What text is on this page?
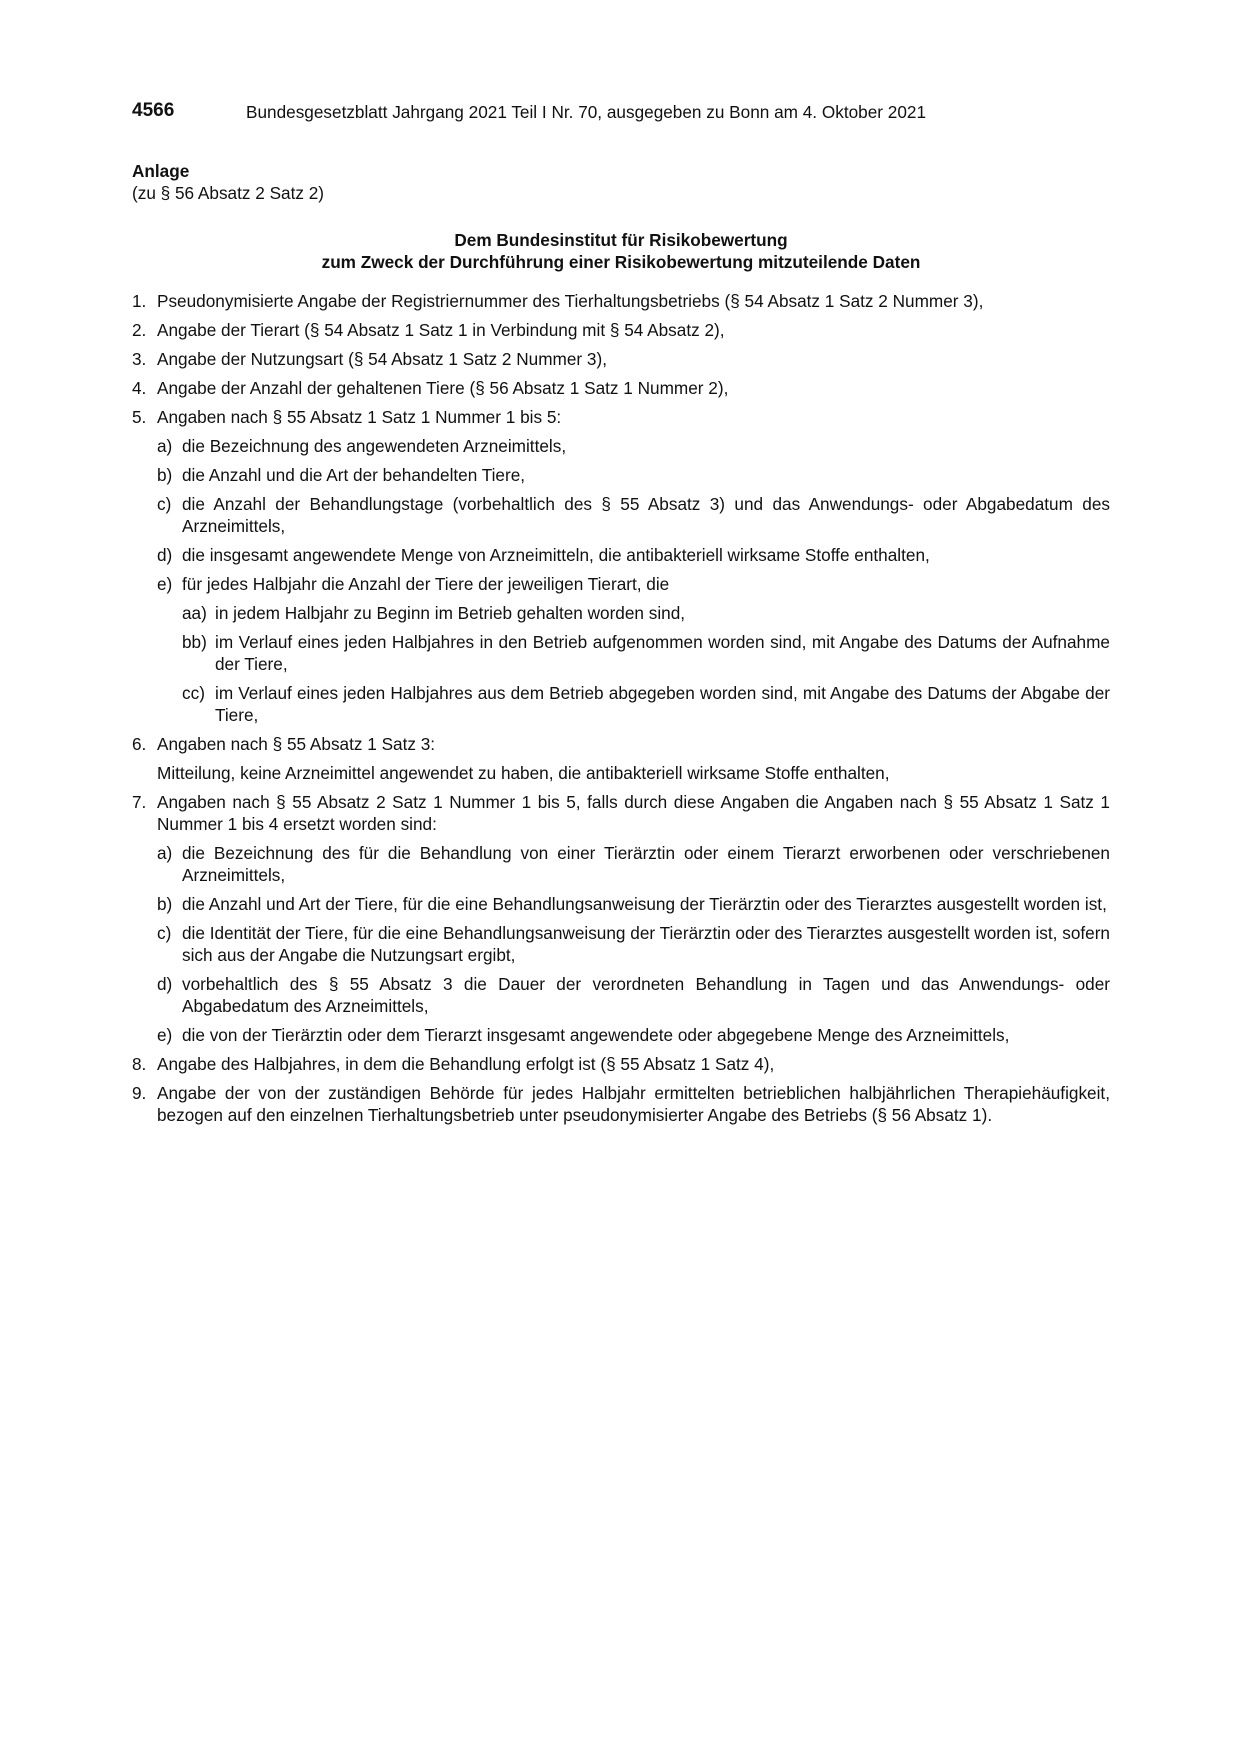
4566	Bundesgesetzblatt Jahrgang 2021 Teil I Nr. 70, ausgegeben zu Bonn am 4. Oktober 2021
Anlage
(zu § 56 Absatz 2 Satz 2)
Dem Bundesinstitut für Risikobewertung
zum Zweck der Durchführung einer Risikobewertung mitzuteilende Daten
1. Pseudonymisierte Angabe der Registriernummer des Tierhaltungsbetriebs (§ 54 Absatz 1 Satz 2 Nummer 3),
2. Angabe der Tierart (§ 54 Absatz 1 Satz 1 in Verbindung mit § 54 Absatz 2),
3. Angabe der Nutzungsart (§ 54 Absatz 1 Satz 2 Nummer 3),
4. Angabe der Anzahl der gehaltenen Tiere (§ 56 Absatz 1 Satz 1 Nummer 2),
5. Angaben nach § 55 Absatz 1 Satz 1 Nummer 1 bis 5:
a) die Bezeichnung des angewendeten Arzneimittels,
b) die Anzahl und die Art der behandelten Tiere,
c) die Anzahl der Behandlungstage (vorbehaltlich des § 55 Absatz 3) und das Anwendungs- oder Abgabedatum des Arzneimittels,
d) die insgesamt angewendete Menge von Arzneimitteln, die antibakteriell wirksame Stoffe enthalten,
e) für jedes Halbjahr die Anzahl der Tiere der jeweiligen Tierart, die
aa) in jedem Halbjahr zu Beginn im Betrieb gehalten worden sind,
bb) im Verlauf eines jeden Halbjahres in den Betrieb aufgenommen worden sind, mit Angabe des Datums der Aufnahme der Tiere,
cc) im Verlauf eines jeden Halbjahres aus dem Betrieb abgegeben worden sind, mit Angabe des Datums der Abgabe der Tiere,
6. Angaben nach § 55 Absatz 1 Satz 3:
Mitteilung, keine Arzneimittel angewendet zu haben, die antibakteriell wirksame Stoffe enthalten,
7. Angaben nach § 55 Absatz 2 Satz 1 Nummer 1 bis 5, falls durch diese Angaben die Angaben nach § 55 Absatz 1 Satz 1 Nummer 1 bis 4 ersetzt worden sind:
a) die Bezeichnung des für die Behandlung von einer Tierärztin oder einem Tierarzt erworbenen oder verschriebenen Arzneimittels,
b) die Anzahl und Art der Tiere, für die eine Behandlungsanweisung der Tierärztin oder des Tierarztes ausgestellt worden ist,
c) die Identität der Tiere, für die eine Behandlungsanweisung der Tierärztin oder des Tierarztes ausgestellt worden ist, sofern sich aus der Angabe die Nutzungsart ergibt,
d) vorbehaltlich des § 55 Absatz 3 die Dauer der verordneten Behandlung in Tagen und das Anwendungs- oder Abgabedatum des Arzneimittels,
e) die von der Tierärztin oder dem Tierarzt insgesamt angewendete oder abgegebene Menge des Arzneimittels,
8. Angabe des Halbjahres, in dem die Behandlung erfolgt ist (§ 55 Absatz 1 Satz 4),
9. Angabe der von der zuständigen Behörde für jedes Halbjahr ermittelten betrieblichen halbjährlichen Therapiehäufigkeit, bezogen auf den einzelnen Tierhaltungsbetrieb unter pseudonymisierter Angabe des Betriebs (§ 56 Absatz 1).
